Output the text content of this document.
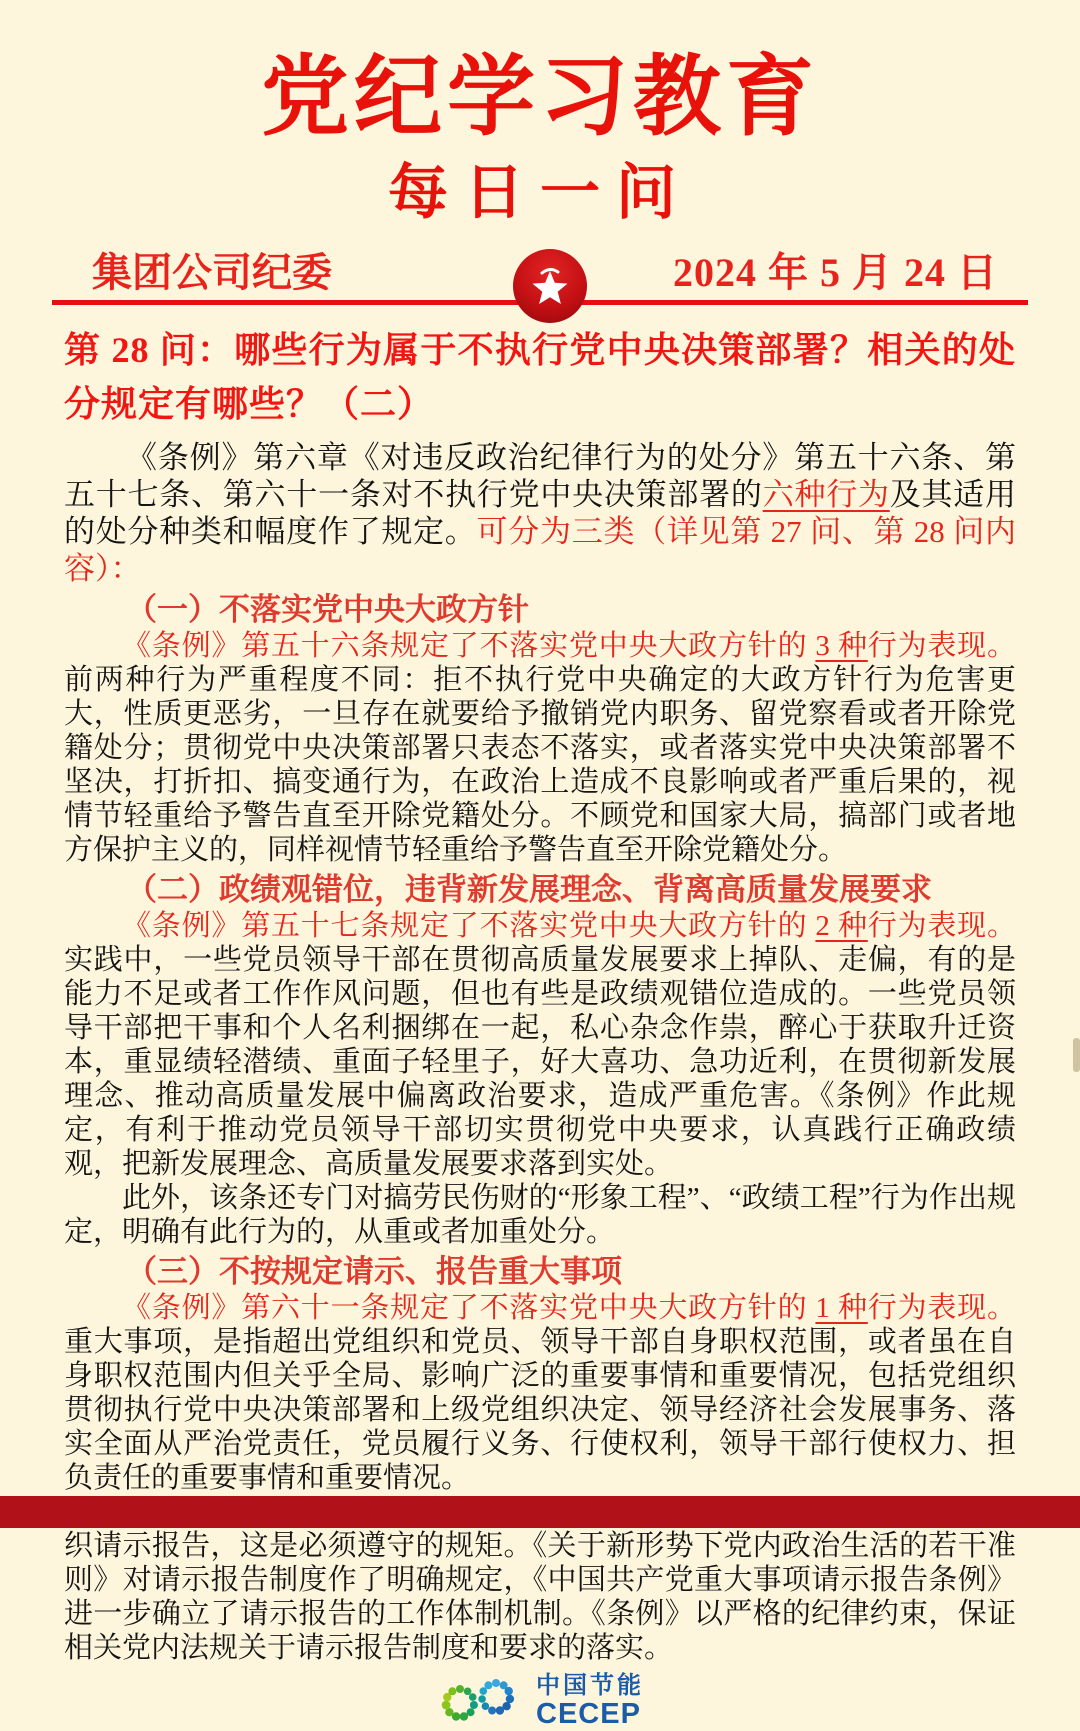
党纪学习教育
每日一问
集团公司纪委	2024 年 5 月 24 日
第 28 问：哪些行为属于不执行党中央决策部署？相关的处分规定有哪些？（二）

《条例》第六章《对违反政治纪律行为的处分》第五十六条、第五十七条、第六十一条对不执行党中央决策部署的六种行为及其适用的处分种类和幅度作了规定。可分为三类（详见第 27 问、第 28 问内容）：

（一）不落实党中央大政方针

《条例》第五十六条规定了不落实党中央大政方针的 3 种行为表现。前两种行为严重程度不同：拒不执行党中央确定的大政方针行为危害更大，性质更恶劣，一旦存在就要给予撤销党内职务、留党察看或者开除党籍处分；贯彻党中央决策部署只表态不落实，或者落实党中央决策部署不坚决，打折扣、搞变通行为，在政治上造成不良影响或者严重后果的，视情节轻重给予警告直至开除党籍处分。不顾党和国家大局，搞部门或者地方保护主义的，同样视情节轻重给予警告直至开除党籍处分。

（二）政绩观错位，违背新发展理念、背离高质量发展要求

《条例》第五十七条规定了不落实党中央大政方针的 2 种行为表现。实践中，一些党员领导干部在贯彻高质量发展要求上掉队、走偏，有的是能力不足或者工作作风问题，但也有些是政绩观错位造成的。一些党员领导干部把干事和个人名利捆绑在一起，私心杂念作祟，醉心于获取升迁资本，重显绩轻潜绩、重面子轻里子，好大喜功、急功近利，在贯彻新发展理念、推动高质量发展中偏离政治要求，造成严重危害。《条例》作此规定，有利于推动党员领导干部切实贯彻党中央要求，认真践行正确政绩观，把新发展理念、高质量发展要求落到实处。

此外，该条还专门对搞劳民伤财的“形象工程”、“政绩工程”行为作出规定，明确有此行为的，从重或者加重处分。

（三）不按规定请示、报告重大事项

《条例》第六十一条规定了不落实党中央大政方针的 1 种行为表现。重大事项，是指超出党组织和党员、领导干部自身职权范围，或者虽在自身职权范围内但关乎全局、影响广泛的重要事情和重要情况，包括党组织贯彻执行党中央决策部署和上级党组织决定、领导经济社会发展事务、落实全面从严治党责任，党员履行义务、行使权利，领导干部行使权力、担负责任的重要事情和重要情况。

织请示报告，这是必须遵守的规矩。《关于新形势下党内政治生活的若干准则》对请示报告制度作了明确规定，《中国共产党重大事项请示报告条例》进一步确立了请示报告的工作体制机制。《条例》以严格的纪律约束，保证相关党内法规关于请示报告制度和要求的落实。

中国节能
CECEP
